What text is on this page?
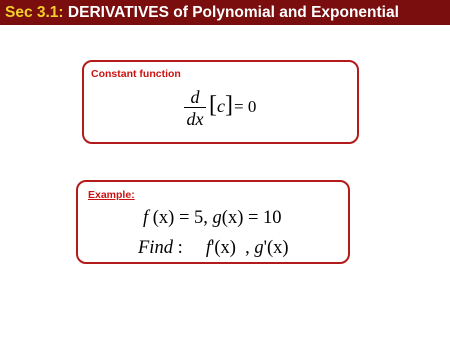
Sec 3.1: DERIVATIVES of Polynomial and Exponential
Constant function
d
dx
[c] = 0
Example:
f (x) = 5, g(x) = 10
Find : f'(x) , g'(x)
